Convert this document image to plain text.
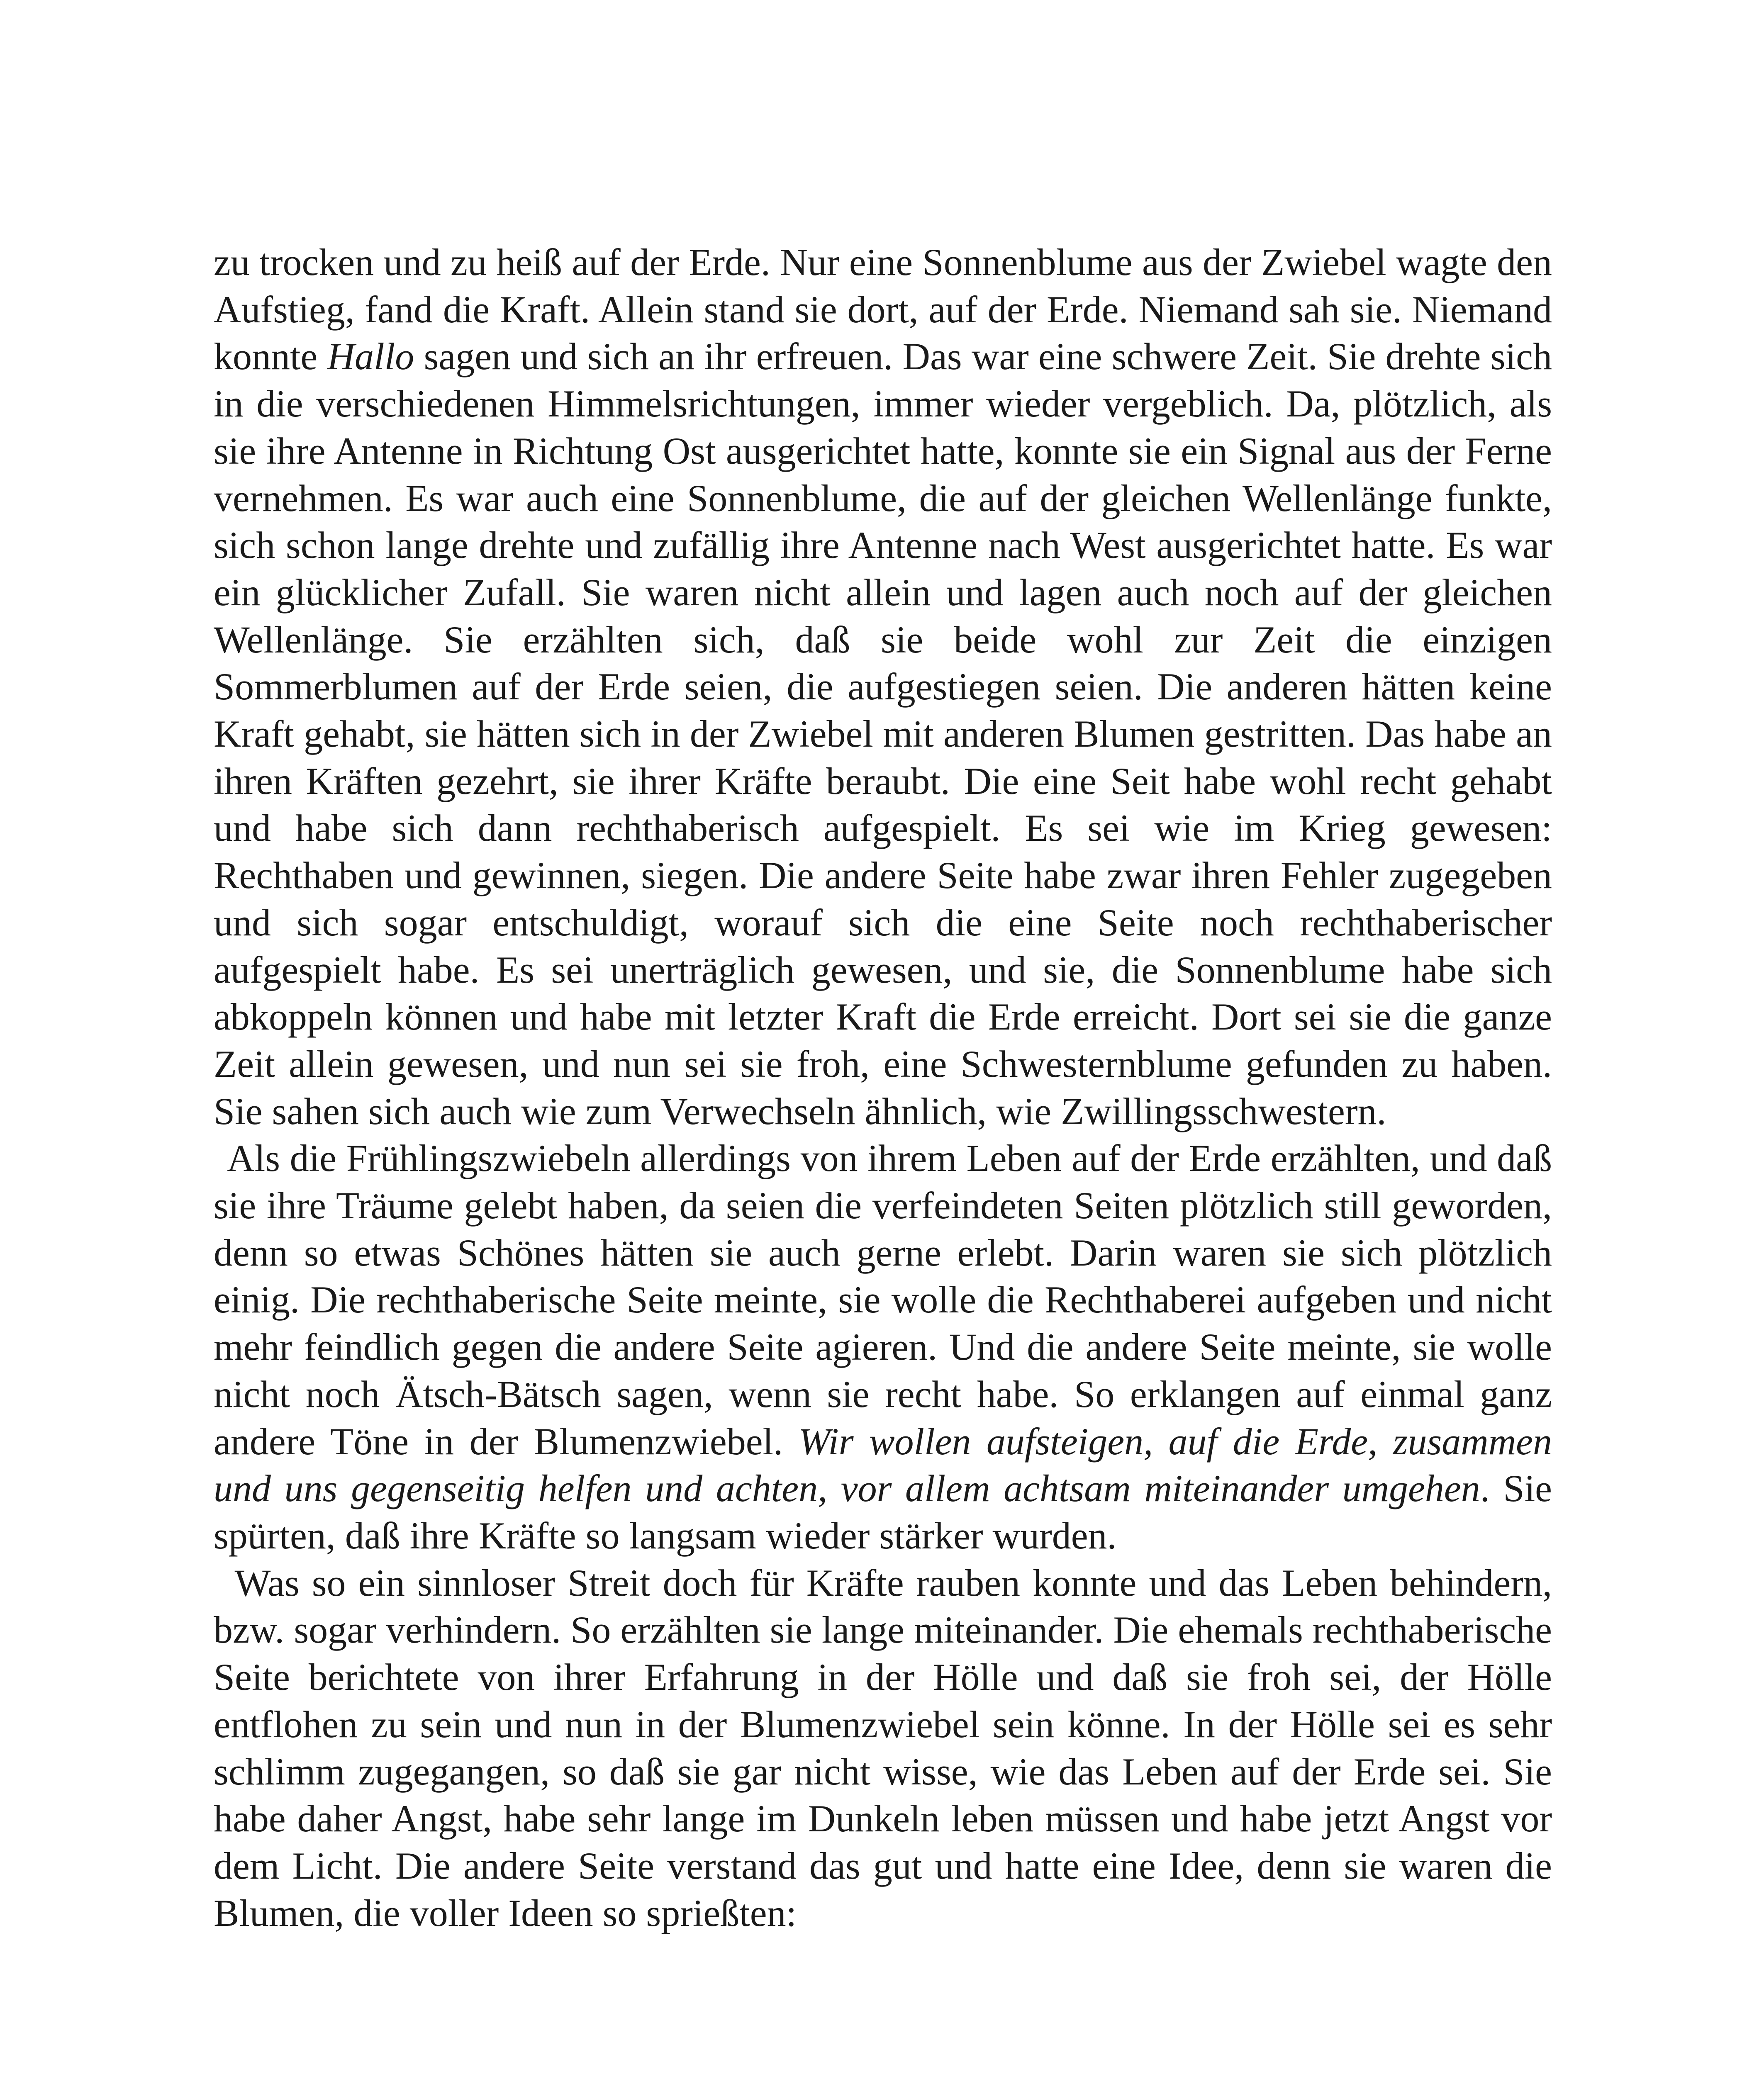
zu trocken und zu heiß auf der Erde. Nur eine Sonnenblume aus der Zwiebel wagte den Aufstieg, fand die Kraft. Allein stand sie dort, auf der Erde. Niemand sah sie. Niemand konnte Hallo sagen und sich an ihr erfreuen. Das war eine schwere Zeit. Sie drehte sich in die verschiedenen Himmelsrichtungen, immer wieder vergeblich. Da, plötzlich, als sie ihre Antenne in Richtung Ost ausgerichtet hatte, konnte sie ein Signal aus der Ferne vernehmen. Es war auch eine Sonnenblume, die auf der gleichen Wellenlänge funkte, sich schon lange drehte und zufällig ihre Antenne nach West ausgerichtet hatte. Es war ein glücklicher Zufall. Sie waren nicht allein und lagen auch noch auf der gleichen Wellenlänge. Sie erzählten sich, daß sie beide wohl zur Zeit die einzigen Sommerblumen auf der Erde seien, die aufgestiegen seien. Die anderen hätten keine Kraft gehabt, sie hätten sich in der Zwiebel mit anderen Blumen gestritten. Das habe an ihren Kräften gezehrt, sie ihrer Kräfte beraubt. Die eine Seit habe wohl recht gehabt und habe sich dann rechthaberisch aufgespielt. Es sei wie im Krieg gewesen: Rechthaben und gewinnen, siegen. Die andere Seite habe zwar ihren Fehler zugegeben und sich sogar entschuldigt, worauf sich die eine Seite noch rechthaberischer aufgespielt habe. Es sei unerträglich gewesen, und sie, die Sonnenblume habe sich abkoppeln können und habe mit letzter Kraft die Erde erreicht. Dort sei sie die ganze Zeit allein gewesen, und nun sei sie froh, eine Schwesternblume gefunden zu haben. Sie sahen sich auch wie zum Verwechseln ähnlich, wie Zwillingsschwestern.

Als die Frühlingszwiebeln allerdings von ihrem Leben auf der Erde erzählten, und daß sie ihre Träume gelebt haben, da seien die verfeindeten Seiten plötzlich still geworden, denn so etwas Schönes hätten sie auch gerne erlebt. Darin waren sie sich plötzlich einig. Die rechthaberische Seite meinte, sie wolle die Rechthaberei aufgeben und nicht mehr feindlich gegen die andere Seite agieren. Und die andere Seite meinte, sie wolle nicht noch Ätsch-Bätsch sagen, wenn sie recht habe. So erklangen auf einmal ganz andere Töne in der Blumenzwiebel. Wir wollen aufsteigen, auf die Erde, zusammen und uns gegenseitig helfen und achten, vor allem achtsam miteinander umgehen. Sie spürten, daß ihre Kräfte so langsam wieder stärker wurden.

Was so ein sinnloser Streit doch für Kräfte rauben konnte und das Leben behindern, bzw. sogar verhindern. So erzählten sie lange miteinander. Die ehemals rechthaberische Seite berichtete von ihrer Erfahrung in der Hölle und daß sie froh sei, der Hölle entflohen zu sein und nun in der Blumenzwiebel sein könne. In der Hölle sei es sehr schlimm zugegangen, so daß sie gar nicht wisse, wie das Leben auf der Erde sei. Sie habe daher Angst, habe sehr lange im Dunkeln leben müssen und habe jetzt Angst vor dem Licht. Die andere Seite verstand das gut und hatte eine Idee, denn sie waren die Blumen, die voller Ideen so sprießten:
